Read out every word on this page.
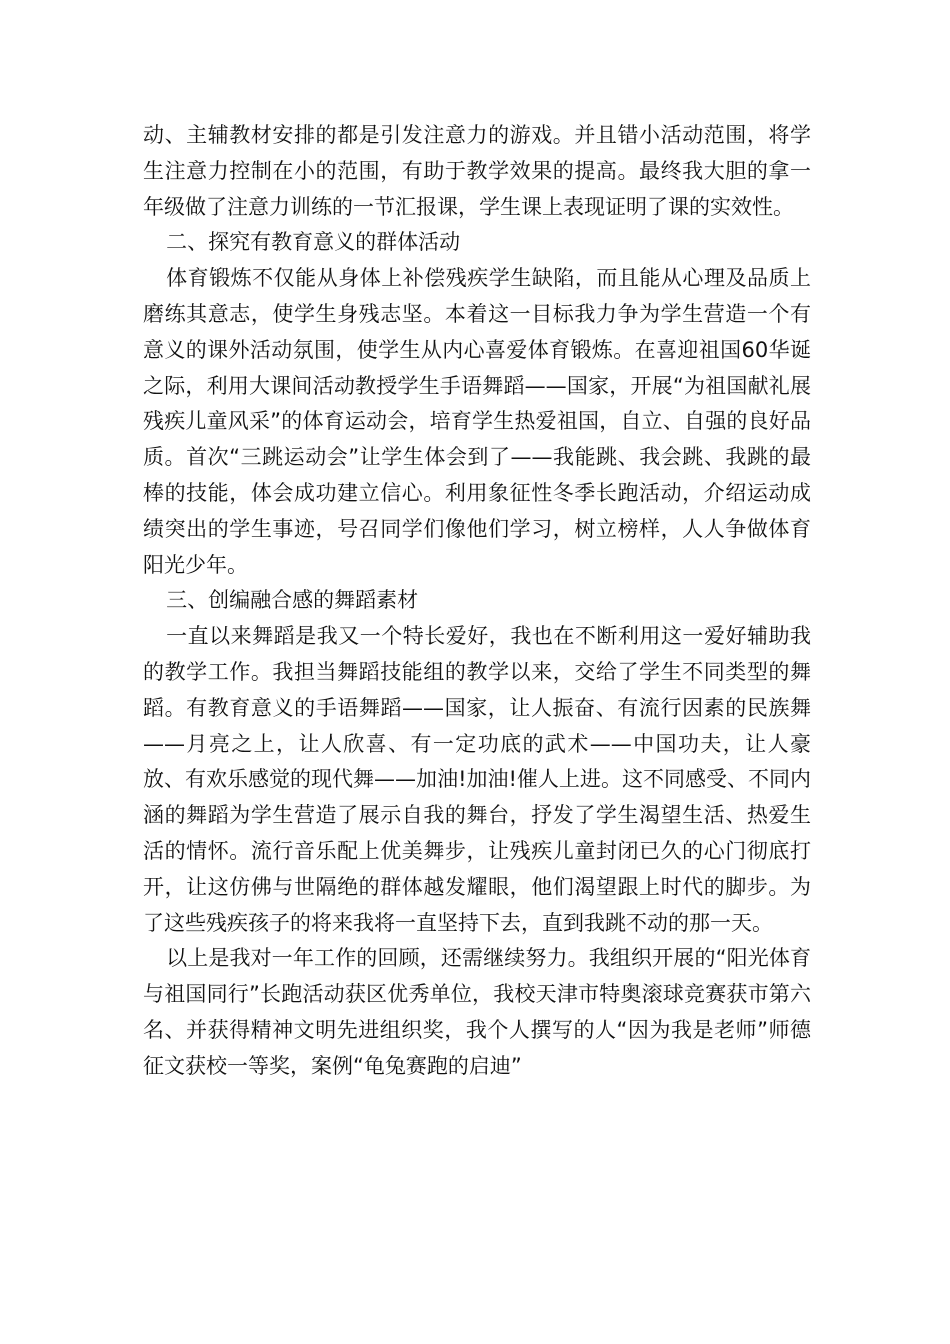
动、主辅教材安排的都是引发注意力的游戏。并且错小活动范围，将学生注意力控制在小的范围，有助于教学效果的提高。最终我大胆的拿一年级做了注意力训练的一节汇报课，学生课上表现证明了课的实效性。

二、探究有教育意义的群体活动

体育锻炼不仅能从身体上补偿残疾学生缺陷，而且能从心理及品质上磨练其意志，使学生身残志坚。本着这一目标我力争为学生营造一个有意义的课外活动氛围，使学生从内心喜爱体育锻炼。在喜迎祖国60华诞之际，利用大课间活动教授学生手语舞蹈——国家，开展“为祖国献礼展残疾儿童风采”的体育运动会，培育学生热爱祖国，自立、自强的良好品质。首次“三跳运动会”让学生体会到了——我能跳、我会跳、我跳的最棒的技能，体会成功建立信心。利用象征性冬季长跑活动，介绍运动成绩突出的学生事迹，号召同学们像他们学习，树立榜样，人人争做体育阳光少年。

三、创编融合感的舞蹈素材

一直以来舞蹈是我又一个特长爱好，我也在不断利用这一爱好辅助我的教学工作。我担当舞蹈技能组的教学以来，交给了学生不同类型的舞蹈。有教育意义的手语舞蹈——国家，让人振奋、有流行因素的民族舞——月亮之上，让人欣喜、有一定功底的武术——中国功夫，让人豪放、有欢乐感觉的现代舞——加油!加油!催人上进。这不同感受、不同内涵的舞蹈为学生营造了展示自我的舞台，抒发了学生渴望生活、热爱生活的情怀。流行音乐配上优美舞步，让残疾儿童封闭已久的心门彻底打开，让这仿佛与世隔绝的群体越发耀眼，他们渴望跟上时代的脚步。为了这些残疾孩子的将来我将一直坚持下去，直到我跳不动的那一天。

以上是我对一年工作的回顾，还需继续努力。我组织开展的“阳光体育与祖国同行”长跑活动获区优秀单位，我校天津市特奥滚球竞赛获市第六名、并获得精神文明先进组织奖，我个人撰写的人“因为我是老师”师德征文获校一等奖，案例“龟兔赛跑的启迪”
